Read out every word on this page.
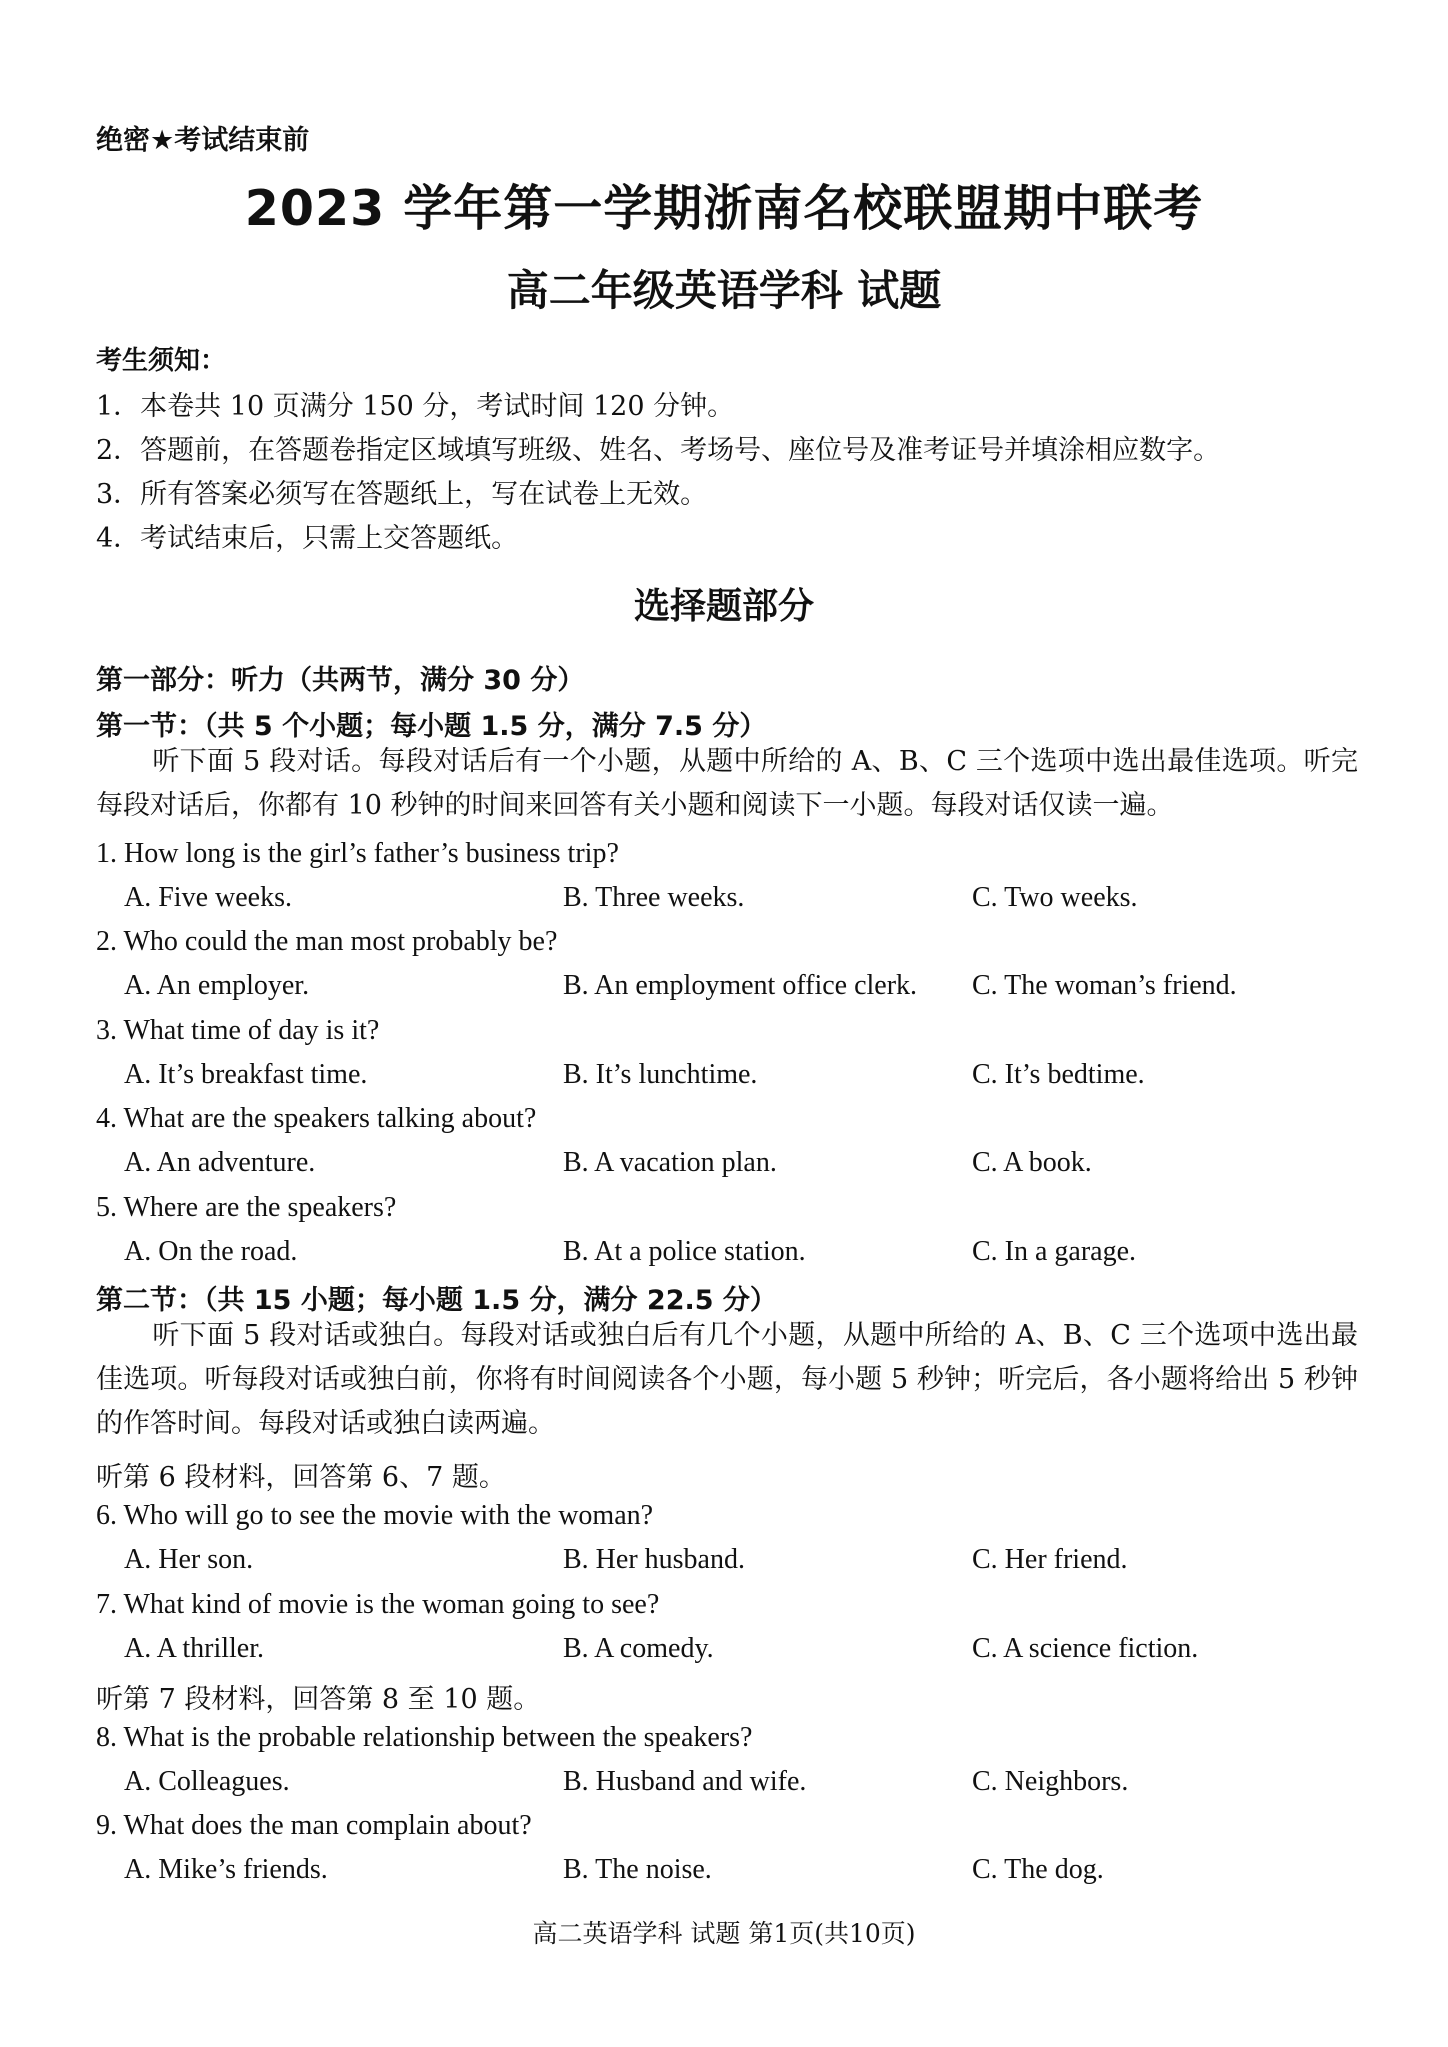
绝密★考试结束前
2023 学年第一学期浙南名校联盟期中联考
高二年级英语学科 试题
考生须知：
1．本卷共 10 页满分 150 分，考试时间 120 分钟。
2．答题前，在答题卷指定区域填写班级、姓名、考场号、座位号及准考证号并填涂相应数字。
3．所有答案必须写在答题纸上，写在试卷上无效。
4．考试结束后，只需上交答题纸。
选择题部分
第一部分：听力（共两节，满分 30 分）
第一节：（共 5 个小题；每小题 1.5 分，满分 7.5 分）
听下面 5 段对话。每段对话后有一个小题，从题中所给的 A、B、C 三个选项中选出最佳选项。听完每段对话后，你都有 10 秒钟的时间来回答有关小题和阅读下一小题。每段对话仅读一遍。
1. How long is the girl’s father’s business trip?
A. Five weeks.	B. Three weeks.	C. Two weeks.
2. Who could the man most probably be?
A. An employer.	B. An employment office clerk. C. The woman’s friend.
3. What time of day is it?
A. It’s breakfast time.	B. It’s lunchtime.	C. It’s bedtime.
4. What are the speakers talking about?
A. An adventure.	B. A vacation plan.	C. A book.
5. Where are the speakers?
A. On the road.	B. At a police station.	C. In a garage.
第二节：（共 15 小题；每小题 1.5 分，满分 22.5 分）
听下面 5 段对话或独白。每段对话或独白后有几个小题，从题中所给的 A、B、C 三个选项中选出最佳选项。听每段对话或独白前，你将有时间阅读各个小题，每小题 5 秒钟；听完后，各小题将给出 5 秒钟的作答时间。每段对话或独白读两遍。
听第 6 段材料，回答第 6、7 题。
6. Who will go to see the movie with the woman?
A. Her son.	B. Her husband.	C. Her friend.
7. What kind of movie is the woman going to see?
A. A thriller.	B. A comedy.	C. A science fiction.
听第 7 段材料，回答第 8 至 10 题。
8. What is the probable relationship between the speakers?
A. Colleagues.	B. Husband and wife.	C. Neighbors.
9. What does the man complain about?
A. Mike’s friends.	B. The noise.	C. The dog.
高二英语学科 试题 第1页(共10页)
